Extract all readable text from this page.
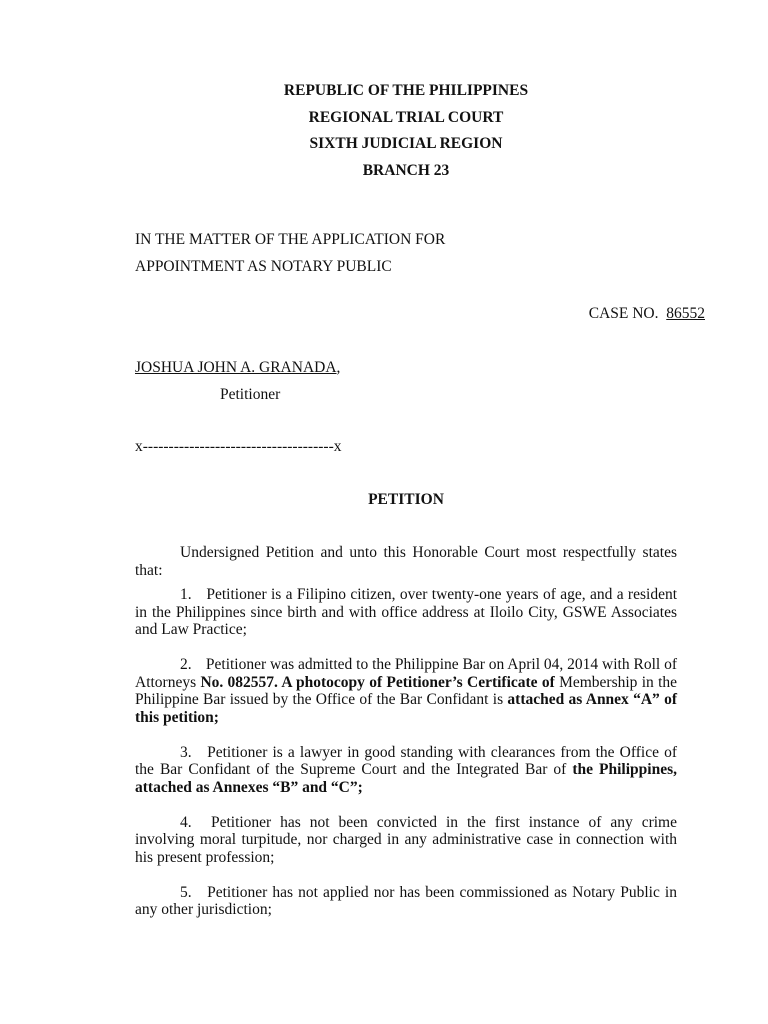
REPUBLIC OF THE PHILIPPINES
REGIONAL TRIAL COURT
SIXTH JUDICIAL REGION
BRANCH 23
IN THE MATTER OF THE APPLICATION FOR
APPOINTMENT AS NOTARY PUBLIC
CASE NO. 86552
JOSHUA JOHN A. GRANADA,
Petitioner
x-------------------------------------x
PETITION

Undersigned Petition and unto this Honorable Court most respectfully states that:

1. Petitioner is a Filipino citizen, over twenty-one years of age, and a resident in the Philippines since birth and with office address at Iloilo City, GSWE Associates and Law Practice;

2. Petitioner was admitted to the Philippine Bar on April 04, 2014 with Roll of Attorneys No. 082557. A photocopy of Petitioner’s Certificate of Membership in the Philippine Bar issued by the Office of the Bar Confidant is attached as Annex “A” of this petition;

3. Petitioner is a lawyer in good standing with clearances from the Office of the Bar Confidant of the Supreme Court and the Integrated Bar of the Philippines, attached as Annexes “B” and “C”;

4. Petitioner has not been convicted in the first instance of any crime involving moral turpitude, nor charged in any administrative case in connection with his present profession;

5. Petitioner has not applied nor has been commissioned as Notary Public in any other jurisdiction;
